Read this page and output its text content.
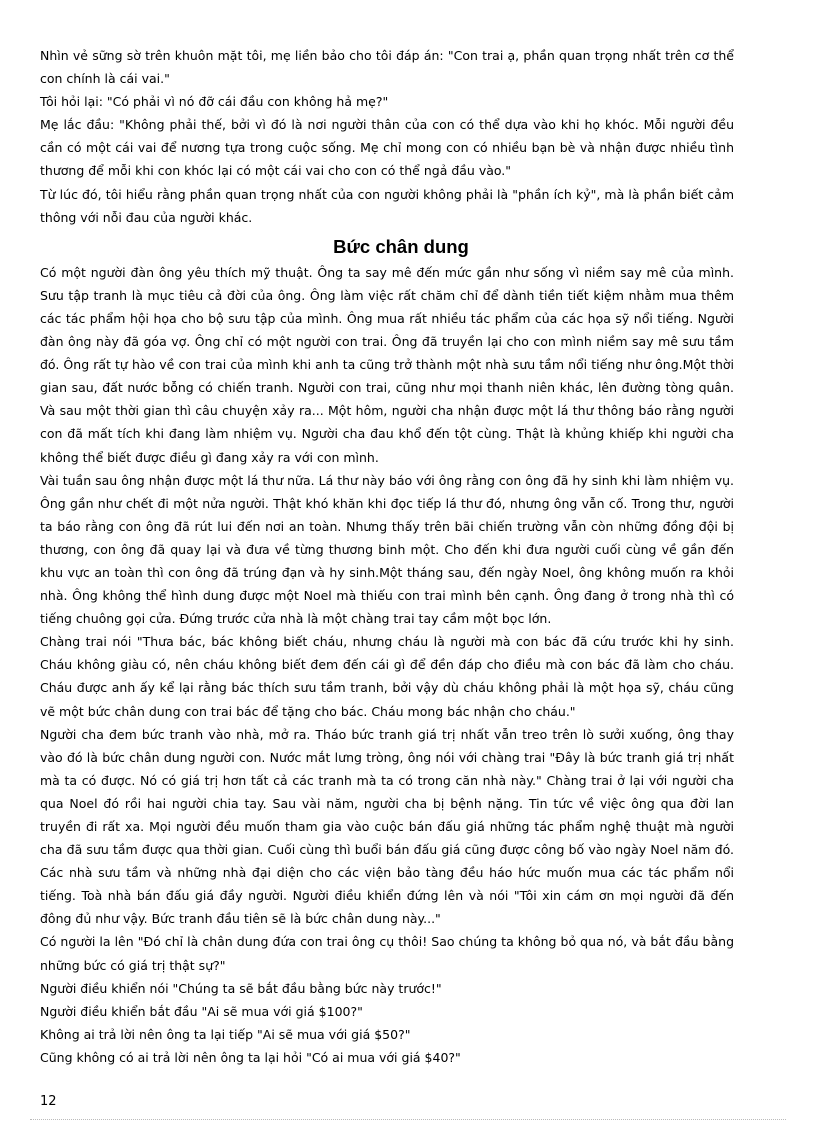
Nhìn vẻ sững sờ trên khuôn mặt tôi, mẹ liền bảo cho tôi đáp án: "Con trai ạ, phần quan trọng nhất trên cơ thể con chính là cái vai."

Tôi hỏi lại: "Có phải vì nó đỡ cái đầu con không hả mẹ?"

Mẹ lắc đầu: "Không phải thế, bởi vì đó là nơi người thân của con có thể dựa vào khi họ khóc. Mỗi người đều cần có một cái vai để nương tựa trong cuộc sống. Mẹ chỉ mong con có nhiều bạn bè và nhận được nhiều tình thương để mỗi khi con khóc lại có một cái vai cho con có thể ngả đầu vào."

Từ lúc đó, tôi hiểu rằng phần quan trọng nhất của con người không phải là "phần ích kỷ", mà là phần biết cảm thông với nỗi đau của người khác.

Bức chân dung

Có một người đàn ông yêu thích mỹ thuật. Ông ta say mê đến mức gần như sống vì niềm say mê của mình. Sưu tập tranh là mục tiêu cả đời của ông. Ông làm việc rất chăm chỉ để dành tiền tiết kiệm nhằm mua thêm các tác phẩm hội họa cho bộ sưu tập của mình. Ông mua rất nhiều tác phẩm của các họa sỹ nổi tiếng. Người đàn ông này đã góa vợ. Ông chỉ có một người con trai. Ông đã truyền lại cho con mình niềm say mê sưu tầm đó. Ông rất tự hào về con trai của mình khi anh ta cũng trở thành một nhà sưu tầm nổi tiếng như ông.Một thời gian sau, đất nước bỗng có chiến tranh. Người con trai, cũng như mọi thanh niên khác, lên đường tòng quân. Và sau một thời gian thì câu chuyện xảy ra... Một hôm, người cha nhận được một lá thư thông báo rằng người con đã mất tích khi đang làm nhiệm vụ. Người cha đau khổ đến tột cùng. Thật là khủng khiếp khi người cha không thể biết được điều gì đang xảy ra với con mình.

Vài tuần sau ông nhận được một lá thư nữa. Lá thư này báo với ông rằng con ông đã hy sinh khi làm nhiệm vụ. Ông gần như chết đi một nửa người. Thật khó khăn khi đọc tiếp lá thư đó, nhưng ông vẫn cố. Trong thư, người ta báo rằng con ông đã rút lui đến nơi an toàn. Nhưng thấy trên bãi chiến trường vẫn còn những đồng đội bị thương, con ông đã quay lại và đưa về từng thương binh một. Cho đến khi đưa người cuối cùng về gần đến khu vực an toàn thì con ông đã trúng đạn và hy sinh.Một tháng sau, đến ngày Noel, ông không muốn ra khỏi nhà. Ông không thể hình dung được một Noel mà thiếu con trai mình bên cạnh. Ông đang ở trong nhà thì có tiếng chuông gọi cửa. Đứng trước cửa nhà là một chàng trai tay cầm một bọc lớn.

Chàng trai nói "Thưa bác, bác không biết cháu, nhưng cháu là người mà con bác đã cứu trước khi hy sinh. Cháu không giàu có, nên cháu không biết đem đến cái gì để đền đáp cho điều mà con bác đã làm cho cháu. Cháu được anh ấy kể lại rằng bác thích sưu tầm tranh, bởi vậy dù cháu không phải là một họa sỹ, cháu cũng vẽ một bức chân dung con trai bác để tặng cho bác. Cháu mong bác nhận cho cháu."

Người cha đem bức tranh vào nhà, mở ra. Tháo bức tranh giá trị nhất vẫn treo trên lò sưởi xuống, ông thay vào đó là bức chân dung người con. Nước mắt lưng tròng, ông nói với chàng trai "Đây là bức tranh giá trị nhất mà ta có được. Nó có giá trị hơn tất cả các tranh mà ta có trong căn nhà này." Chàng trai ở lại với người cha qua Noel đó rồi hai người chia tay. Sau vài năm, người cha bị bệnh nặng. Tin tức về việc ông qua đời lan truyền đi rất xa. Mọi người đều muốn tham gia vào cuộc bán đấu giá những tác phẩm nghệ thuật mà người cha đã sưu tầm được qua thời gian. Cuối cùng thì buổi bán đấu giá cũng được công bố vào ngày Noel năm đó. Các nhà sưu tầm và những nhà đại diện cho các viện bảo tàng đều háo hức muốn mua các tác phẩm nổi tiếng. Toà nhà bán đấu giá đầy người. Người điều khiển đứng lên và nói "Tôi xin cám ơn mọi người đã đến đông đủ như vậy. Bức tranh đầu tiên sẽ là bức chân dung này..."

Có người la lên "Đó chỉ là chân dung đứa con trai ông cụ thôi! Sao chúng ta không bỏ qua nó, và bắt đầu bằng những bức có giá trị thật sự?"

Người điều khiển nói "Chúng ta sẽ bắt đầu bằng bức này trước!"

Người điều khiển bắt đầu "Ai sẽ mua với giá $100?"

Không ai trả lời nên ông ta lại tiếp "Ai sẽ mua với giá $50?"

Cũng không có ai trả lời nên ông ta lại hỏi "Có ai mua với giá $40?"

12
